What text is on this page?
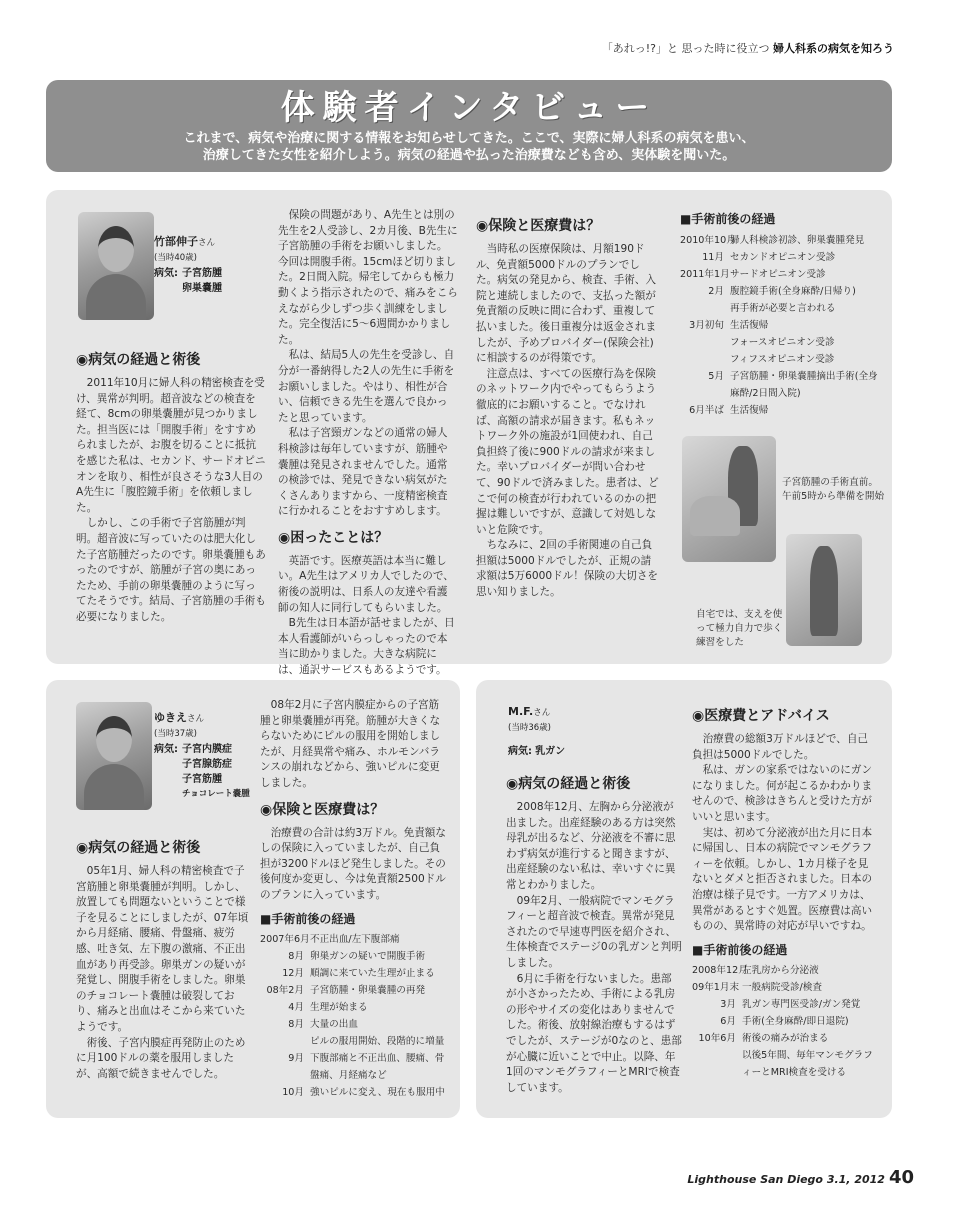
「あれっ!?」と 思った時に役立つ 婦人科系の病気を知ろう
体験者インタビュー
これまで、病気や治療に関する情報をお知らせしてきた。ここで、実際に婦人科系の病気を患い、
治療してきた女性を紹介しよう。病気の経過や払った治療費なども含め、実体験を聞いた。
竹部伸子さん
(当時40歳)
病気: 子宮筋腫
卵巣嚢腫
◉病気の経過と術後

2011年10月に婦人科の精密検査を受け、異常が判明。超音波などの検査を経て、8cmの卵巣嚢腫が見つかりました。担当医には「開腹手術」をすすめられましたが、お腹を切ることに抵抗を感じた私は、セカンド、サードオピニオンを取り、相性が良さそうな3人目のA先生に「腹腔鏡手術」を依頼しました。

しかし、この手術で子宮筋腫が判明。超音波に写っていたのは肥大化した子宮筋腫だったのです。卵巣嚢腫もあったのですが、筋腫が子宮の奥にあったため、手前の卵巣嚢腫のように写ってたそうです。結局、子宮筋腫の手術も必要になりました。

保険の問題があり、A先生とは別の先生を2人受診し、2カ月後、B先生に子宮筋腫の手術をお願いしました。今回は開腹手術。15cmほど切りました。2日間入院。帰宅してからも極力動くよう指示されたので、痛みをこらえながら少しずつ歩く訓練をしました。完全復活に5〜6週間かかりました。

私は、結局5人の先生を受診し、自分が一番納得した2人の先生に手術をお願いしました。やはり、相性が合い、信頼できる先生を選んで良かったと思っています。

私は子宮頸ガンなどの通常の婦人科検診は毎年していますが、筋腫や嚢腫は発見されませんでした。通常の検診では、発見できない病気がたくさんありますから、一度精密検査に行かれることをおすすめします。

◉困ったことは？

英語です。医療英語は本当に難しい。A先生はアメリカ人でしたので、術後の説明は、日系人の友達や看護師の知人に同行してもらいました。

B先生は日本語が話せましたが、日本人看護師がいらっしゃったので本当に助かりました。大きな病院には、通訳サービスもあるようです。

◉保険と医療費は？

当時私の医療保険は、月額190ドル、免責額5000ドルのプランでした。病気の発見から、検査、手術、入院と連続しましたので、支払った額が免責額の反映に間に合わず、重複して払いました。後日重複分は返金されましたが、予めプロバイダー(保険会社)に相談するのが得策です。

注意点は、すべての医療行為を保険のネットワーク内でやってもらうよう徹底的にお願いすること。でなければ、高額の請求が届きます。私もネットワーク外の施設が1回使われ、自己負担終了後に900ドルの請求が来ました。幸いプロバイダーが問い合わせて、90ドルで済みました。患者は、どこで何の検査が行われているのかの把握は難しいですが、意識して対処しないと危険です。

ちなみに、2回の手術関連の自己負担額は5000ドルでしたが、正規の請求額は5万6000ドル！保険の大切さを思い知りました。

■手術前後の経過
2010年10月
婦人科検診初診、卵巣嚢腫発見
11月 セカンドオピニオン受診
2011年1月 サードオピニオン受診
2月 腹腔鏡手術(全身麻酔/日帰り)
再手術が必要と言われる
3月初旬 生活復帰
フォースオピニオン受診
フィフスオピニオン受診
5月 子宮筋腫・卵巣嚢腫摘出手術(全身麻酔/2日間入院)
6月半ば 生活復帰
子宮筋腫の手術直前。午前5時から準備を開始
自宅では、支えを使って極力自力で歩く練習をした
ゆきえさん
(当時37歳)
病気: 子宮内膜症
子宮腺筋症
子宮筋腫
チョコレート嚢腫
◉病気の経過と術後

05年1月、婦人科の精密検査で子宮筋腫と卵巣嚢腫が判明。しかし、放置しても問題ないということで様子を見ることにしましたが、07年頃から月経痛、腰痛、骨盤痛、疲労感、吐き気、左下腹の激痛、不正出血があり再受診。卵巣ガンの疑いが発覚し、開腹手術をしました。卵巣のチョコレート嚢腫は破裂しており、痛みと出血はそこから来ていたようです。

術後、子宮内膜症再発防止のために月100ドルの薬を服用しましたが、高額で続きませんでした。

08年2月に子宮内膜症からの子宮筋腫と卵巣嚢腫が再発。筋腫が大きくならないためにピルの服用を開始しましたが、月経異常や痛み、ホルモンバランスの崩れなどから、強いピルに変更しました。

◉保険と医療費は？

治療費の合計は約3万ドル。免責額なしの保険に入っていましたが、自己負担が3200ドルほど発生しました。その後何度か変更し、今は免責額2500ドルのプランに入っています。

■手術前後の経過
2007年6月 不正出血/左下腹部痛
8月 卵巣ガンの疑いで開腹手術
12月 順調に来ていた生理が止まる
08年2月 子宮筋腫・卵巣嚢腫の再発
4月 生理が始まる
8月 大量の出血
ピルの服用開始、段階的に増量
9月 下腹部痛と不正出血、腰痛、骨盤痛、月経痛など
10月 強いピルに変え、現在も服用中
M.F.さん
(当時36歳)
病気: 乳ガン
◉病気の経過と術後

2008年12月、左胸から分泌液が出ました。出産経験のある方は突然母乳が出るなど、分泌液を不審に思わず病気が進行すると聞きますが、出産経験のない私は、幸いすぐに異常とわかりました。

09年2月、一般病院でマンモグラフィーと超音波で検査。異常が発見されたので早速専門医を紹介され、生体検査でステージ0の乳ガンと判明しました。

6月に手術を行ないました。患部が小さかったため、手術による乳房の形やサイズの変化はありませんでした。術後、放射線治療もするはずでしたが、ステージが0なのと、患部が心臓に近いことで中止。以降、年1回のマンモグラフィーとMRIで検査しています。

◉医療費とアドバイス

治療費の総額3万ドルほどで、自己負担は5000ドルでした。

私は、ガンの家系ではないのにガンになりました。何が起こるかわかりませんので、検診はきちんと受けた方がいいと思います。

実は、初めて分泌液が出た月に日本に帰国し、日本の病院でマンモグラフィーを依頼。しかし、1カ月様子を見ないとダメと拒否されました。日本の治療は様子見です。一方アメリカは、異常があるとすぐ処置。医療費は高いものの、異常時の対応が早いですね。

■手術前後の経過
2008年12月
左乳房から分泌液
09年1月末 一般病院受診/検査
3月 乳ガン専門医受診/ガン発覚
6月 手術(全身麻酔/即日退院)
10年6月 術後の痛みが治まる
以後5年間、毎年マンモグラフィーとMRI検査を受ける
Lighthouse San Diego 3.1, 2012 40
